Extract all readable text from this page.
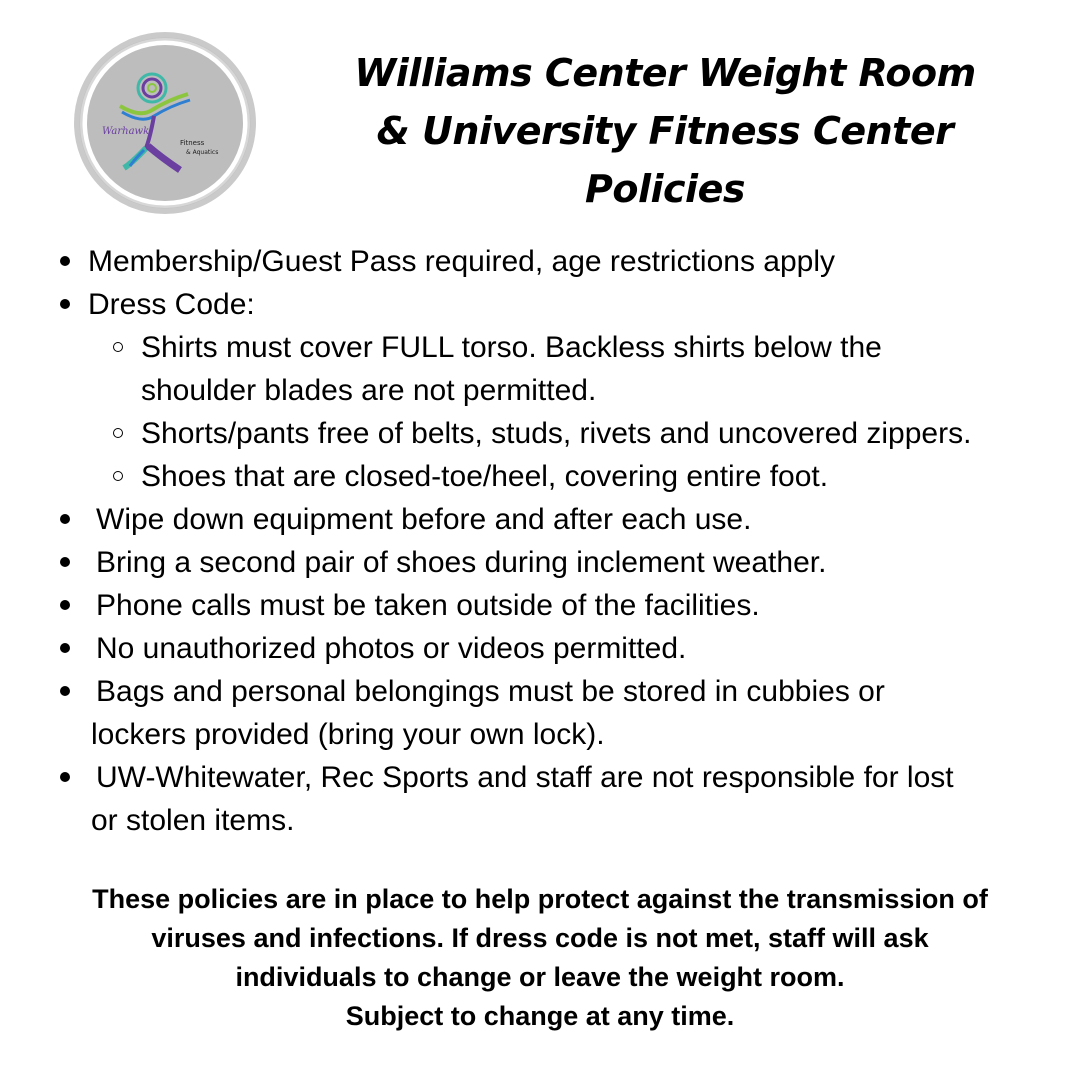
Warhawk
Fitness
& Aquatics
Williams Center Weight Room
& University Fitness Center
Policies
Membership/Guest Pass required, age restrictions apply
Dress Code:
Shirts must cover FULL torso. Backless shirts below the
shoulder blades are not permitted.
Shorts/pants free of belts, studs, rivets and uncovered zippers.
Shoes that are closed-toe/heel, covering entire foot.
Wipe down equipment before and after each use.
Bring a second pair of shoes during inclement weather.
Phone calls must be taken outside of the facilities.
No unauthorized photos or videos permitted.
Bags and personal belongings must be stored in cubbies or
lockers provided (bring your own lock).
UW-Whitewater, Rec Sports and staff are not responsible for lost
or stolen items.
These policies are in place to help protect against the transmission of
viruses and infections. If dress code is not met, staff will ask
individuals to change or leave the weight room.
Subject to change at any time.
